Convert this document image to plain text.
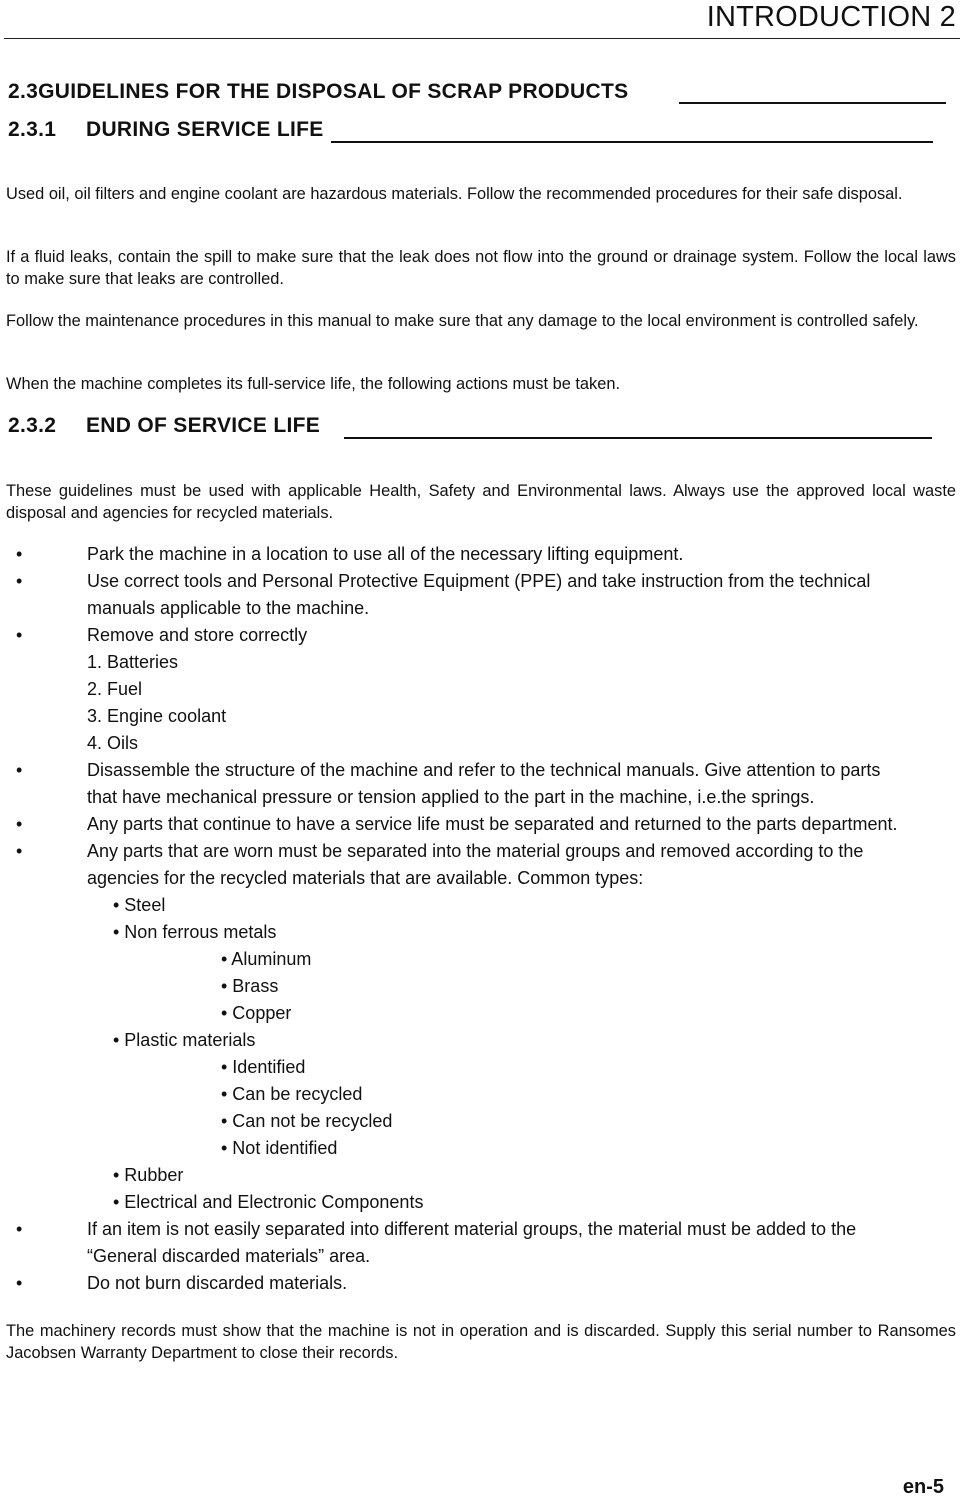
INTRODUCTION 2
2.3GUIDELINES FOR THE DISPOSAL OF SCRAP PRODUCTS
2.3.1 DURING SERVICE LIFE
Used oil, oil filters and engine coolant are hazardous materials. Follow the recommended procedures for their safe disposal.
If a fluid leaks, contain the spill to make sure that the leak does not flow into the ground or drainage system. Follow the local laws to make sure that leaks are controlled.
Follow the maintenance procedures in this manual to make sure that any damage to the local environment is controlled safely.
When the machine completes its full-service life, the following actions must be taken.
2.3.2 END OF SERVICE LIFE
These guidelines must be used with applicable Health, Safety and Environmental laws. Always use the approved local waste disposal and agencies for recycled materials.
•	Park the machine in a location to use all of the necessary lifting equipment.
•	Use correct tools and Personal Protective Equipment (PPE) and take instruction from the technical
manuals applicable to the machine.
•	Remove and store correctly
1. Batteries
2. Fuel
3. Engine coolant
4. Oils
•	Disassemble the structure of the machine and refer to the technical manuals. Give attention to parts
that have mechanical pressure or tension applied to the part in the machine, i.e.the springs.
•	Any parts that continue to have a service life must be separated and returned to the parts department.
•	Any parts that are worn must be separated into the material groups and removed according to the
agencies for the recycled materials that are available. Common types:
• Steel
• Non ferrous metals
• Aluminum
• Brass
• Copper
• Plastic materials
• Identified
• Can be recycled
• Can not be recycled
• Not identified
• Rubber
• Electrical and Electronic Components
•	If an item is not easily separated into different material groups, the material must be added to the
“General discarded materials” area.
•	Do not burn discarded materials.
The machinery records must show that the machine is not in operation and is discarded. Supply this serial number to Ransomes Jacobsen Warranty Department to close their records.
en-5
